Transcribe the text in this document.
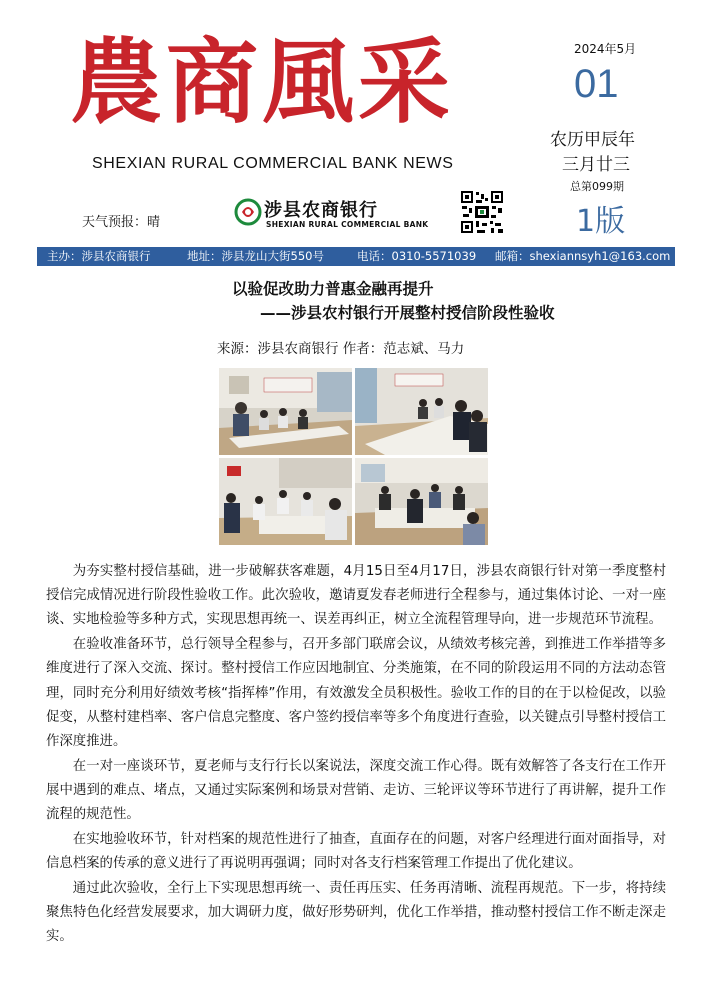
農商風采
SHEXIAN RURAL COMMERCIAL BANK NEWS
2024年5月
01
农历甲辰年
三月廿三
总第099期
1版
天气预报：晴
涉县农商银行
SHEXIAN RURAL COMMERCIAL BANK
主办：涉县农商银行	地址：涉县龙山大街550号	电话：0310-5571039 邮箱：shexiannsyh1@163.com
以验促改助力普惠金融再提升
——涉县农村银行开展整村授信阶段性验收
来源：涉县农商银行 作者：范志斌、马力

为夯实整村授信基础，进一步破解获客难题，4月15日至4月17日，涉县农商银行针对第一季度整村授信完成情况进行阶段性验收工作。此次验收，邀请夏发春老师进行全程参与，通过集体讨论、一对一座谈、实地检验等多种方式，实现思想再统一、误差再纠正，树立全流程管理导向，进一步规范环节流程。

在验收准备环节，总行领导全程参与，召开多部门联席会议，从绩效考核完善，到推进工作举措等多维度进行了深入交流、探讨。整村授信工作应因地制宜、分类施策，在不同的阶段运用不同的方法动态管理，同时充分利用好绩效考核“指挥棒”作用，有效激发全员积极性。验收工作的目的在于以检促改，以验促变，从整村建档率、客户信息完整度、客户签约授信率等多个角度进行查验，以关键点引导整村授信工作深度推进。

在一对一座谈环节，夏老师与支行行长以案说法，深度交流工作心得。既有效解答了各支行在工作开展中遇到的难点、堵点，又通过实际案例和场景对营销、走访、三轮评议等环节进行了再讲解，提升工作流程的规范性。

在实地验收环节，针对档案的规范性进行了抽查，直面存在的问题，对客户经理进行面对面指导，对信息档案的传承的意义进行了再说明再强调；同时对各支行档案管理工作提出了优化建议。

通过此次验收，全行上下实现思想再统一、责任再压实、任务再清晰、流程再规范。下一步，将持续聚焦特色化经营发展要求，加大调研力度，做好形势研判，优化工作举措，推动整村授信工作不断走深走实。
